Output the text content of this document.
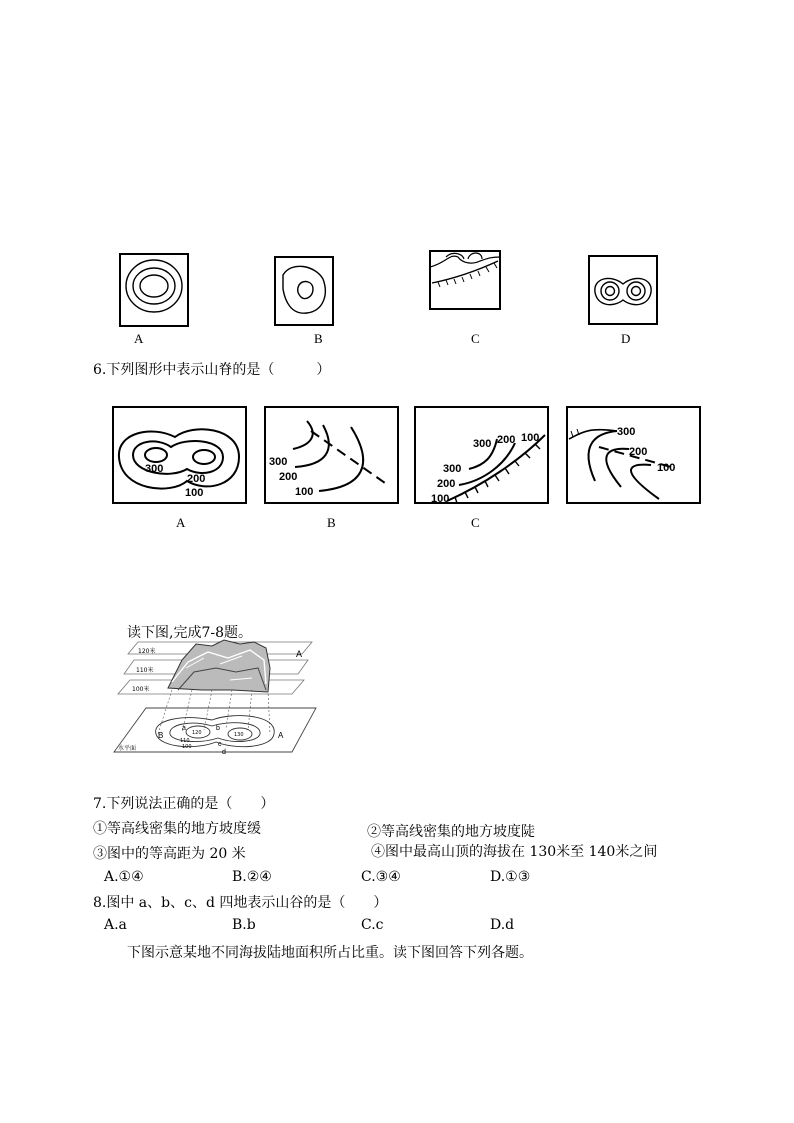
A	B	C	D
6.下列图形中表示山脊的是（　　　）
300
200
100
300
200
100
300 200 100
300
200
100
300
200
100
A	B	C
读下图,完成7-8题。
120米
110米
100米
A
水平面
B
a	b
c
d
A
120	130
110
100
7.下列说法正确的是（　　）
①等高线密集的地方坡度缓	②等高线密集的地方坡度陡
③图中的等高距为 20 米	④图中最高山顶的海拔在 130米至 140米之间
A.①④	B.②④	C.③④	D.①③
8.图中 a、b、c、d 四地表示山谷的是（　　）
A.a	B.b	C.c	D.d
下图示意某地不同海拔陆地面积所占比重。读下图回答下列各题。
